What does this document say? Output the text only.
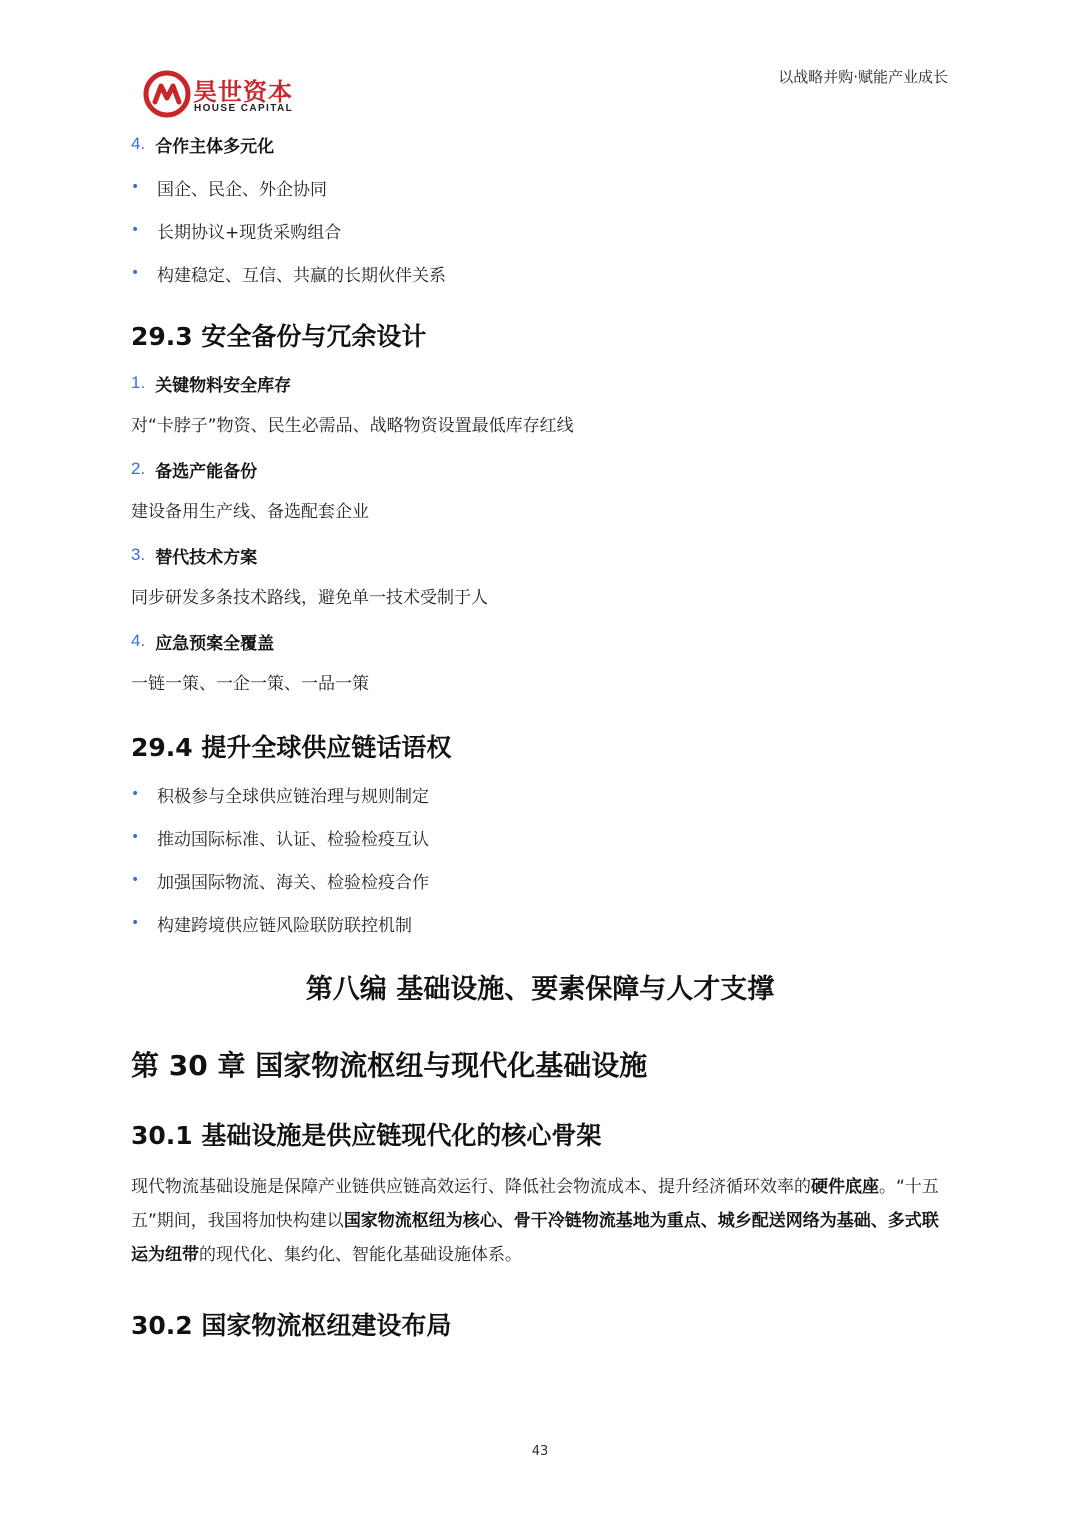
昊世资本
HOUSE CAPITAL
以战略并购·赋能产业成长
4. 合作主体多元化
•	国企、民企、外企协同
•	长期协议+现货采购组合
•	构建稳定、互信、共赢的长期伙伴关系
29.3 安全备份与冗余设计
1. 关键物料安全库存
对“卡脖子”物资、民生必需品、战略物资设置最低库存红线
2. 备选产能备份
建设备用生产线、备选配套企业
3. 替代技术方案
同步研发多条技术路线，避免单一技术受制于人
4. 应急预案全覆盖
一链一策、一企一策、一品一策
29.4 提升全球供应链话语权
•	积极参与全球供应链治理与规则制定
•	推动国际标准、认证、检验检疫互认
•	加强国际物流、海关、检验检疫合作
•	构建跨境供应链风险联防联控机制
第八编 基础设施、要素保障与人才支撑
第 30 章 国家物流枢纽与现代化基础设施
30.1 基础设施是供应链现代化的核心骨架
现代物流基础设施是保障产业链供应链高效运行、降低社会物流成本、提升经济循环效率的硬件底座。“十五五”期间，我国将加快构建以国家物流枢纽为核心、骨干冷链物流基地为重点、城乡配送网络为基础、多式联运为纽带的现代化、集约化、智能化基础设施体系。
30.2 国家物流枢纽建设布局
43
